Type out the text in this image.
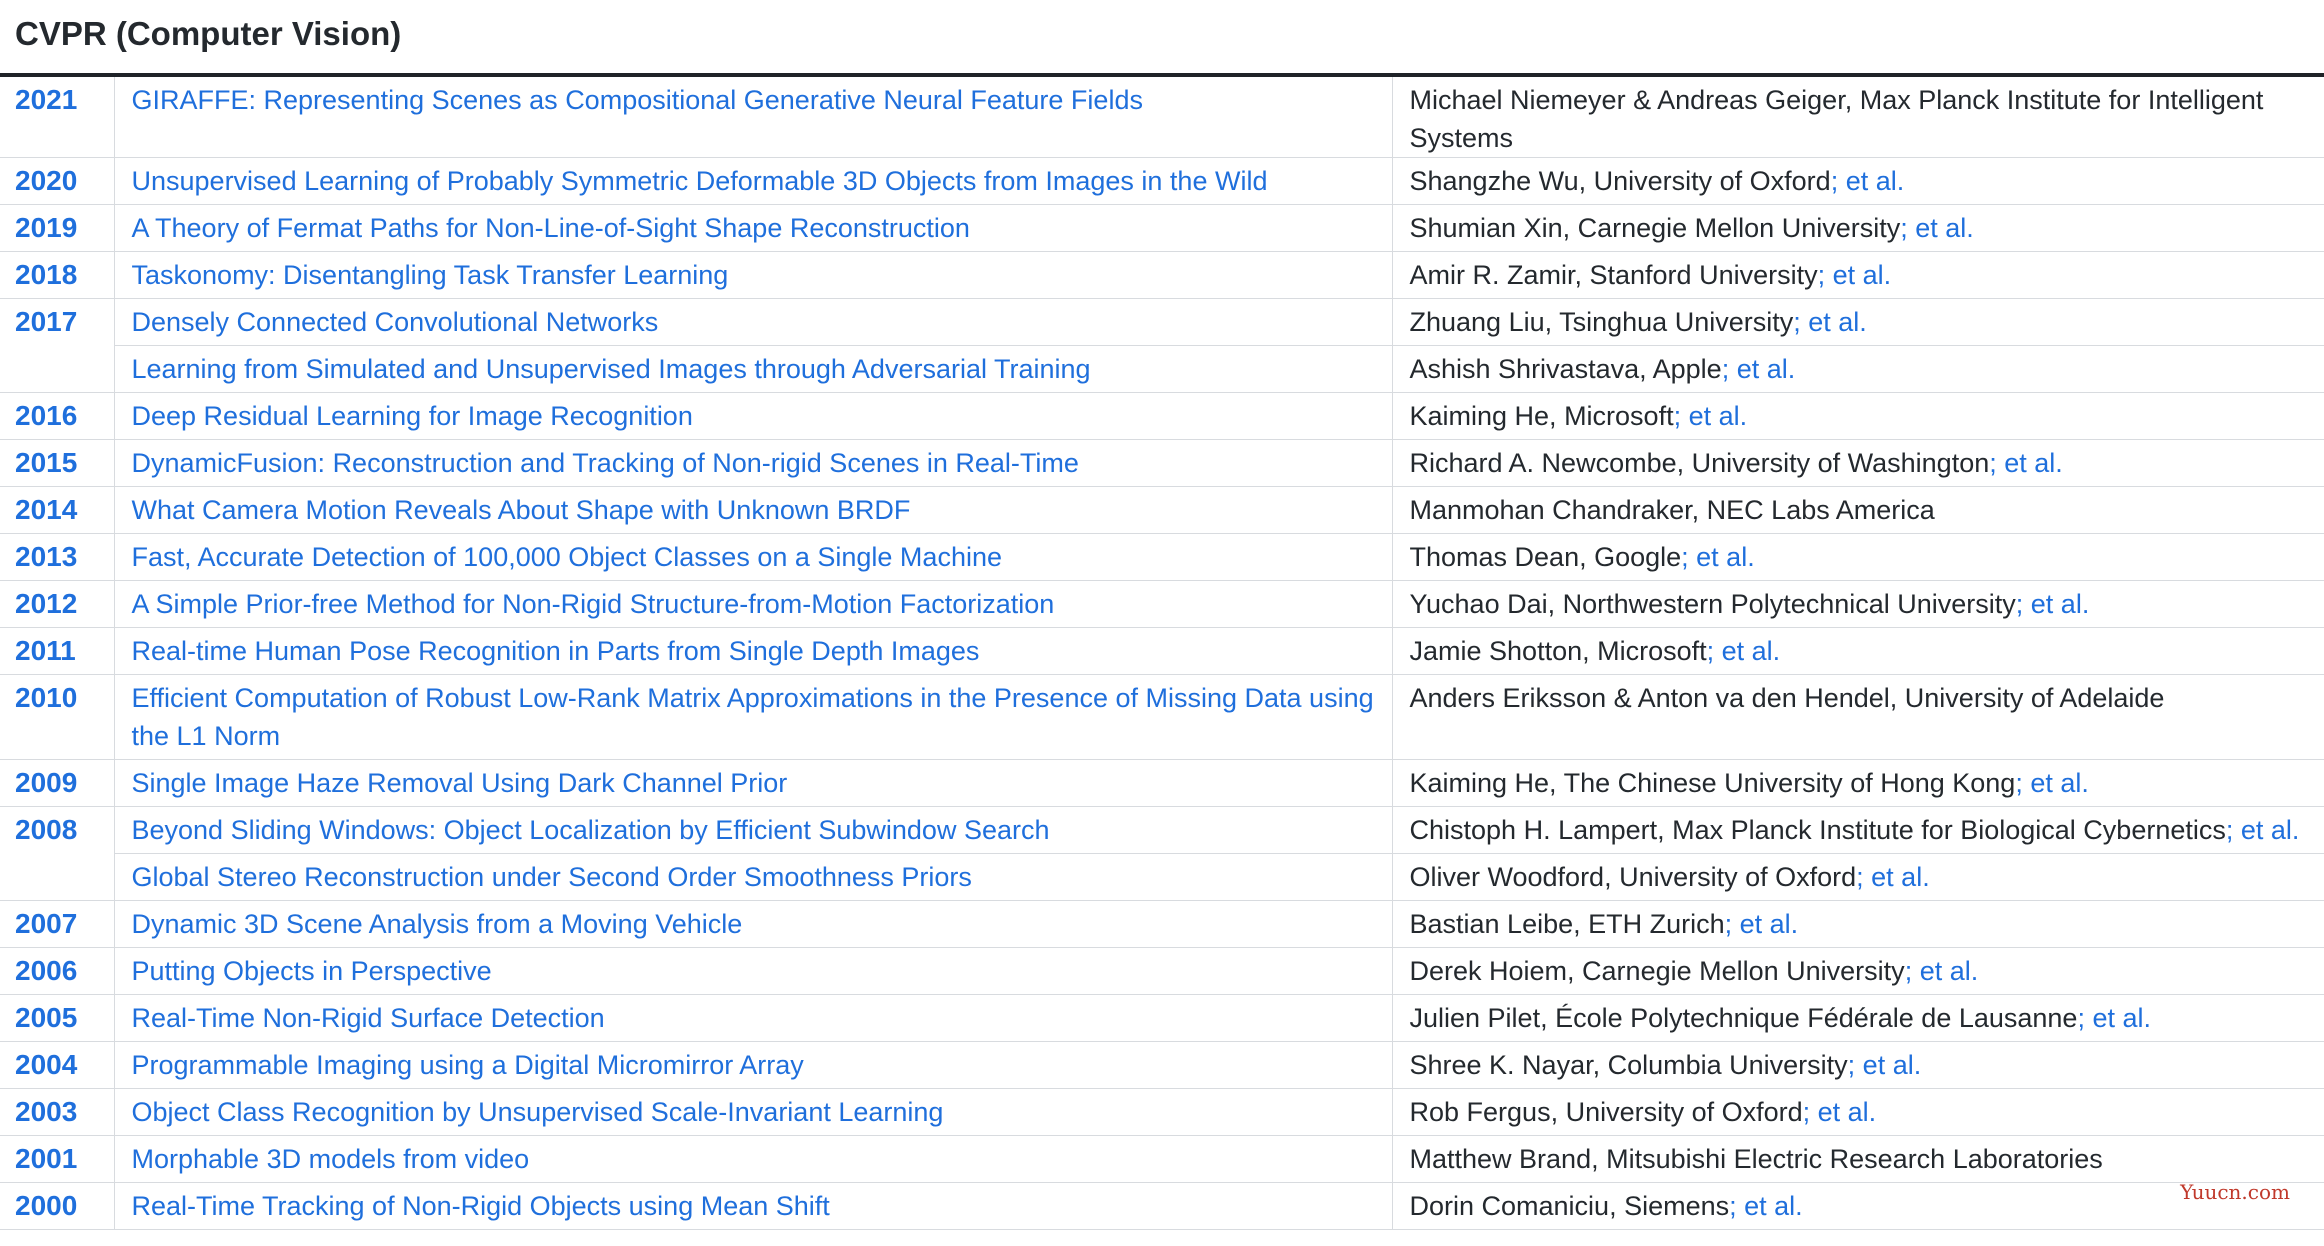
CVPR (Computer Vision)
2021	GIRAFFE: Representing Scenes as Compositional Generative Neural Feature Fields	Michael Niemeyer & Andreas Geiger, Max Planck Institute for Intelligent Systems
2020	Unsupervised Learning of Probably Symmetric Deformable 3D Objects from Images in the Wild	Shangzhe Wu, University of Oxford; et al.
2019	A Theory of Fermat Paths for Non-Line-of-Sight Shape Reconstruction	Shumian Xin, Carnegie Mellon University; et al.
2018	Taskonomy: Disentangling Task Transfer Learning	Amir R. Zamir, Stanford University; et al.
2017	Densely Connected Convolutional Networks	Zhuang Liu, Tsinghua University; et al.
	Learning from Simulated and Unsupervised Images through Adversarial Training	Ashish Shrivastava, Apple; et al.
2016	Deep Residual Learning for Image Recognition	Kaiming He, Microsoft; et al.
2015	DynamicFusion: Reconstruction and Tracking of Non-rigid Scenes in Real-Time	Richard A. Newcombe, University of Washington; et al.
2014	What Camera Motion Reveals About Shape with Unknown BRDF	Manmohan Chandraker, NEC Labs America
2013	Fast, Accurate Detection of 100,000 Object Classes on a Single Machine	Thomas Dean, Google; et al.
2012	A Simple Prior-free Method for Non-Rigid Structure-from-Motion Factorization	Yuchao Dai, Northwestern Polytechnical University; et al.
2011	Real-time Human Pose Recognition in Parts from Single Depth Images	Jamie Shotton, Microsoft; et al.
2010	Efficient Computation of Robust Low-Rank Matrix Approximations in the Presence of Missing Data using the L1 Norm	Anders Eriksson & Anton va den Hendel, University of Adelaide
2009	Single Image Haze Removal Using Dark Channel Prior	Kaiming He, The Chinese University of Hong Kong; et al.
2008	Beyond Sliding Windows: Object Localization by Efficient Subwindow Search	Chistoph H. Lampert, Max Planck Institute for Biological Cybernetics; et al.
	Global Stereo Reconstruction under Second Order Smoothness Priors	Oliver Woodford, University of Oxford; et al.
2007	Dynamic 3D Scene Analysis from a Moving Vehicle	Bastian Leibe, ETH Zurich; et al.
2006	Putting Objects in Perspective	Derek Hoiem, Carnegie Mellon University; et al.
2005	Real-Time Non-Rigid Surface Detection	Julien Pilet, École Polytechnique Fédérale de Lausanne; et al.
2004	Programmable Imaging using a Digital Micromirror Array	Shree K. Nayar, Columbia University; et al.
2003	Object Class Recognition by Unsupervised Scale-Invariant Learning	Rob Fergus, University of Oxford; et al.
2001	Morphable 3D models from video	Matthew Brand, Mitsubishi Electric Research Laboratories
2000	Real-Time Tracking of Non-Rigid Objects using Mean Shift	Dorin Comaniciu, Siemens; et al.	Yuucn.com
